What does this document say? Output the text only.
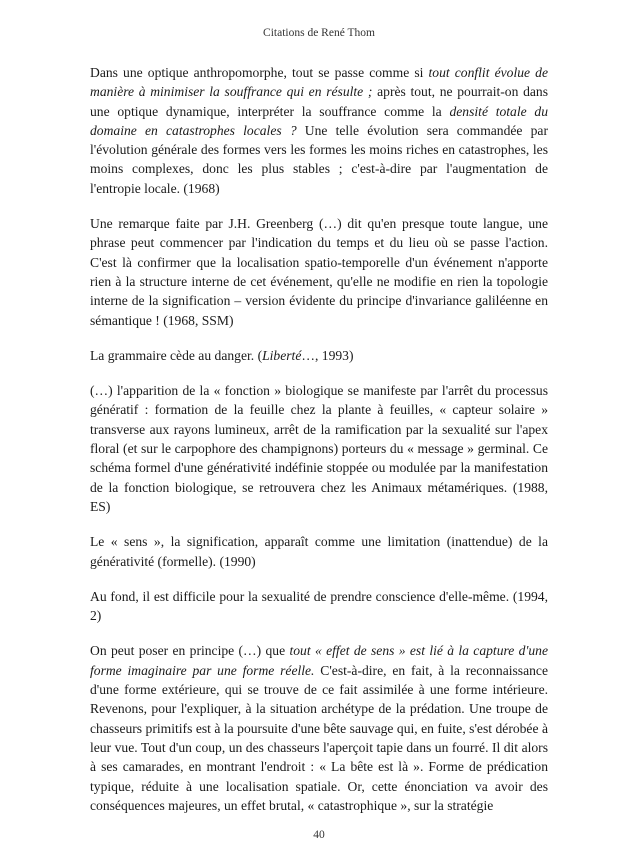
Citations de René Thom

Dans une optique anthropomorphe, tout se passe comme si tout conflit évolue de manière à minimiser la souffrance qui en résulte ; après tout, ne pourrait-on dans une optique dynamique, interpréter la souffrance comme la densité totale du domaine en catastrophes locales ? Une telle évolution sera commandée par l'évolution générale des formes vers les formes les moins riches en catastrophes, les moins complexes, donc les plus stables ; c'est-à-dire par l'augmentation de l'entropie locale. (1968)

Une remarque faite par J.H. Greenberg (…) dit qu'en presque toute langue, une phrase peut commencer par l'indication du temps et du lieu où se passe l'action. C'est là confirmer que la localisation spatio-temporelle d'un événement n'apporte rien à la structure interne de cet événement, qu'elle ne modifie en rien la topologie interne de la signification – version évidente du principe d'invariance galiléenne en sémantique ! (1968, SSM)

La grammaire cède au danger. (Liberté…, 1993)

(…) l'apparition de la « fonction » biologique se manifeste par l'arrêt du processus génératif : formation de la feuille chez la plante à feuilles, « capteur solaire » transverse aux rayons lumineux, arrêt de la ramification par la sexualité sur l'apex floral (et sur le carpophore des champignons) porteurs du « message » germinal. Ce schéma formel d'une générativité indéfinie stoppée ou modulée par la manifestation de la fonction biologique, se retrouvera chez les Animaux métamériques. (1988, ES)

Le « sens », la signification, apparaît comme une limitation (inattendue) de la générativité (formelle). (1990)

Au fond, il est difficile pour la sexualité de prendre conscience d'elle-même. (1994, 2)

On peut poser en principe (…) que tout « effet de sens » est lié à la capture d'une forme imaginaire par une forme réelle. C'est-à-dire, en fait, à la reconnaissance d'une forme extérieure, qui se trouve de ce fait assimilée à une forme intérieure. Revenons, pour l'expliquer, à la situation archétype de la prédation. Une troupe de chasseurs primitifs est à la poursuite d'une bête sauvage qui, en fuite, s'est dérobée à leur vue. Tout d'un coup, un des chasseurs l'aperçoit tapie dans un fourré. Il dit alors à ses camarades, en montrant l'endroit : « La bête est là ». Forme de prédication typique, réduite à une localisation spatiale. Or, cette énonciation va avoir des conséquences majeures, un effet brutal, « catastrophique », sur la stratégie

40
